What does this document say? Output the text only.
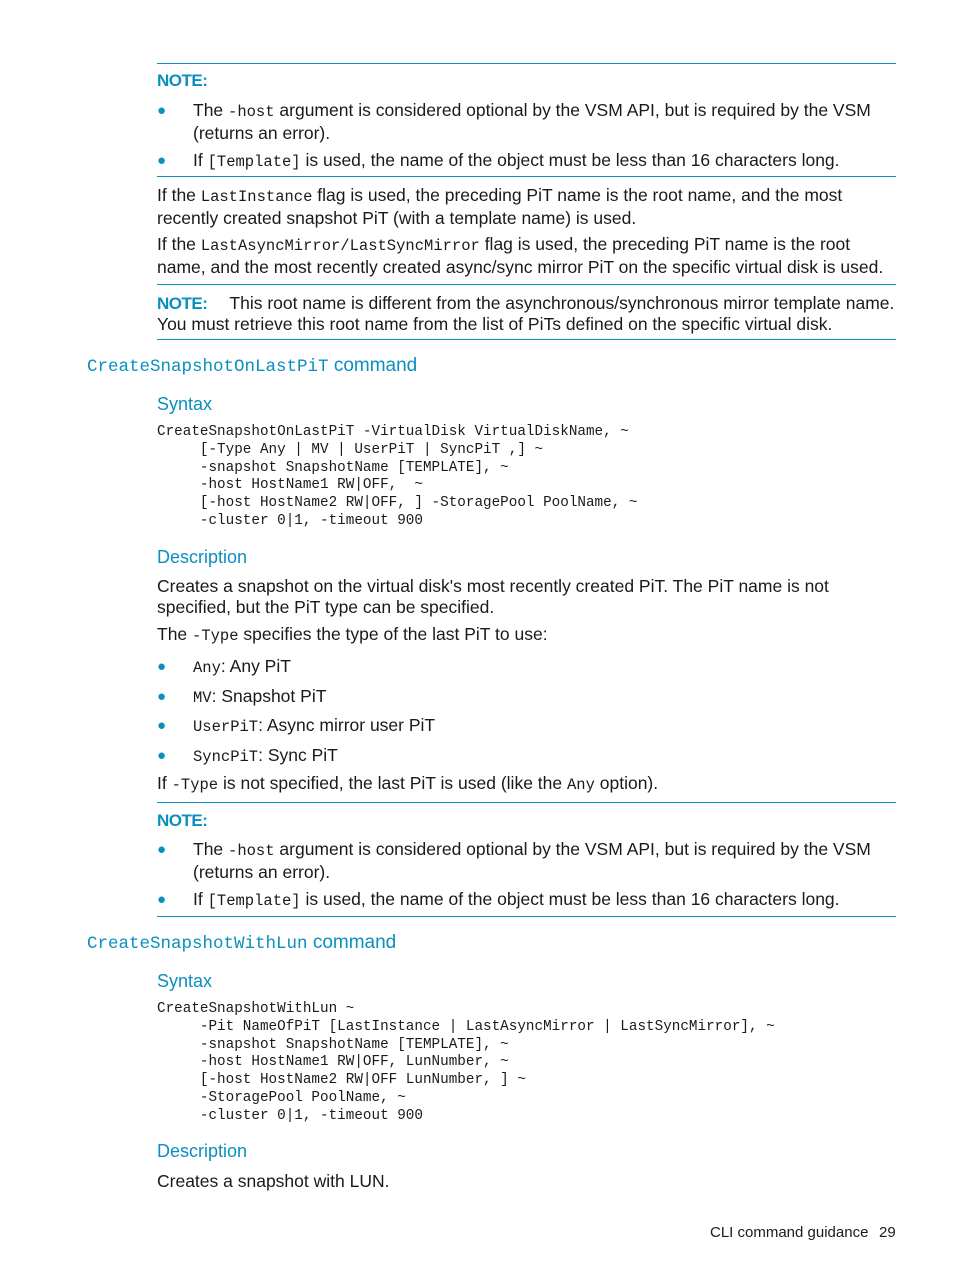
NOTE:
● The -host argument is considered optional by the VSM API, but is required by the VSM (returns an error).
● If [Template] is used, the name of the object must be less than 16 characters long.
If the LastInstance flag is used, the preceding PiT name is the root name, and the most recently created snapshot PiT (with a template name) is used.
If the LastAsyncMirror/LastSyncMirror flag is used, the preceding PiT name is the root name, and the most recently created async/sync mirror PiT on the specific virtual disk is used.
NOTE: This root name is different from the asynchronous/synchronous mirror template name. You must retrieve this root name from the list of PiTs defined on the specific virtual disk.
CreateSnapshotOnLastPiT command
Syntax
CreateSnapshotOnLastPiT -VirtualDisk VirtualDiskName, ~
[-Type Any | MV | UserPiT | SyncPiT ,] ~
-snapshot SnapshotName [TEMPLATE], ~
-host HostName1 RW|OFF,  ~
[-host HostName2 RW|OFF, ] -StoragePool PoolName, ~
-cluster 0|1, -timeout 900
Description
Creates a snapshot on the virtual disk's most recently created PiT. The PiT name is not specified, but the PiT type can be specified.
The -Type specifies the type of the last PiT to use:
● Any: Any PiT
● MV: Snapshot PiT
● UserPiT: Async mirror user PiT
● SyncPiT: Sync PiT
If -Type is not specified, the last PiT is used (like the Any option).
NOTE:
● The -host argument is considered optional by the VSM API, but is required by the VSM (returns an error).
● If [Template] is used, the name of the object must be less than 16 characters long.
CreateSnapshotWithLun command
Syntax
CreateSnapshotWithLun ~
-Pit NameOfPiT [LastInstance | LastAsyncMirror | LastSyncMirror], ~
-snapshot SnapshotName [TEMPLATE], ~
-host HostName1 RW|OFF, LunNumber, ~
[-host HostName2 RW|OFF LunNumber, ] ~
-StoragePool PoolName, ~
-cluster 0|1, -timeout 900
Description
Creates a snapshot with LUN.
CLI command guidance 29
